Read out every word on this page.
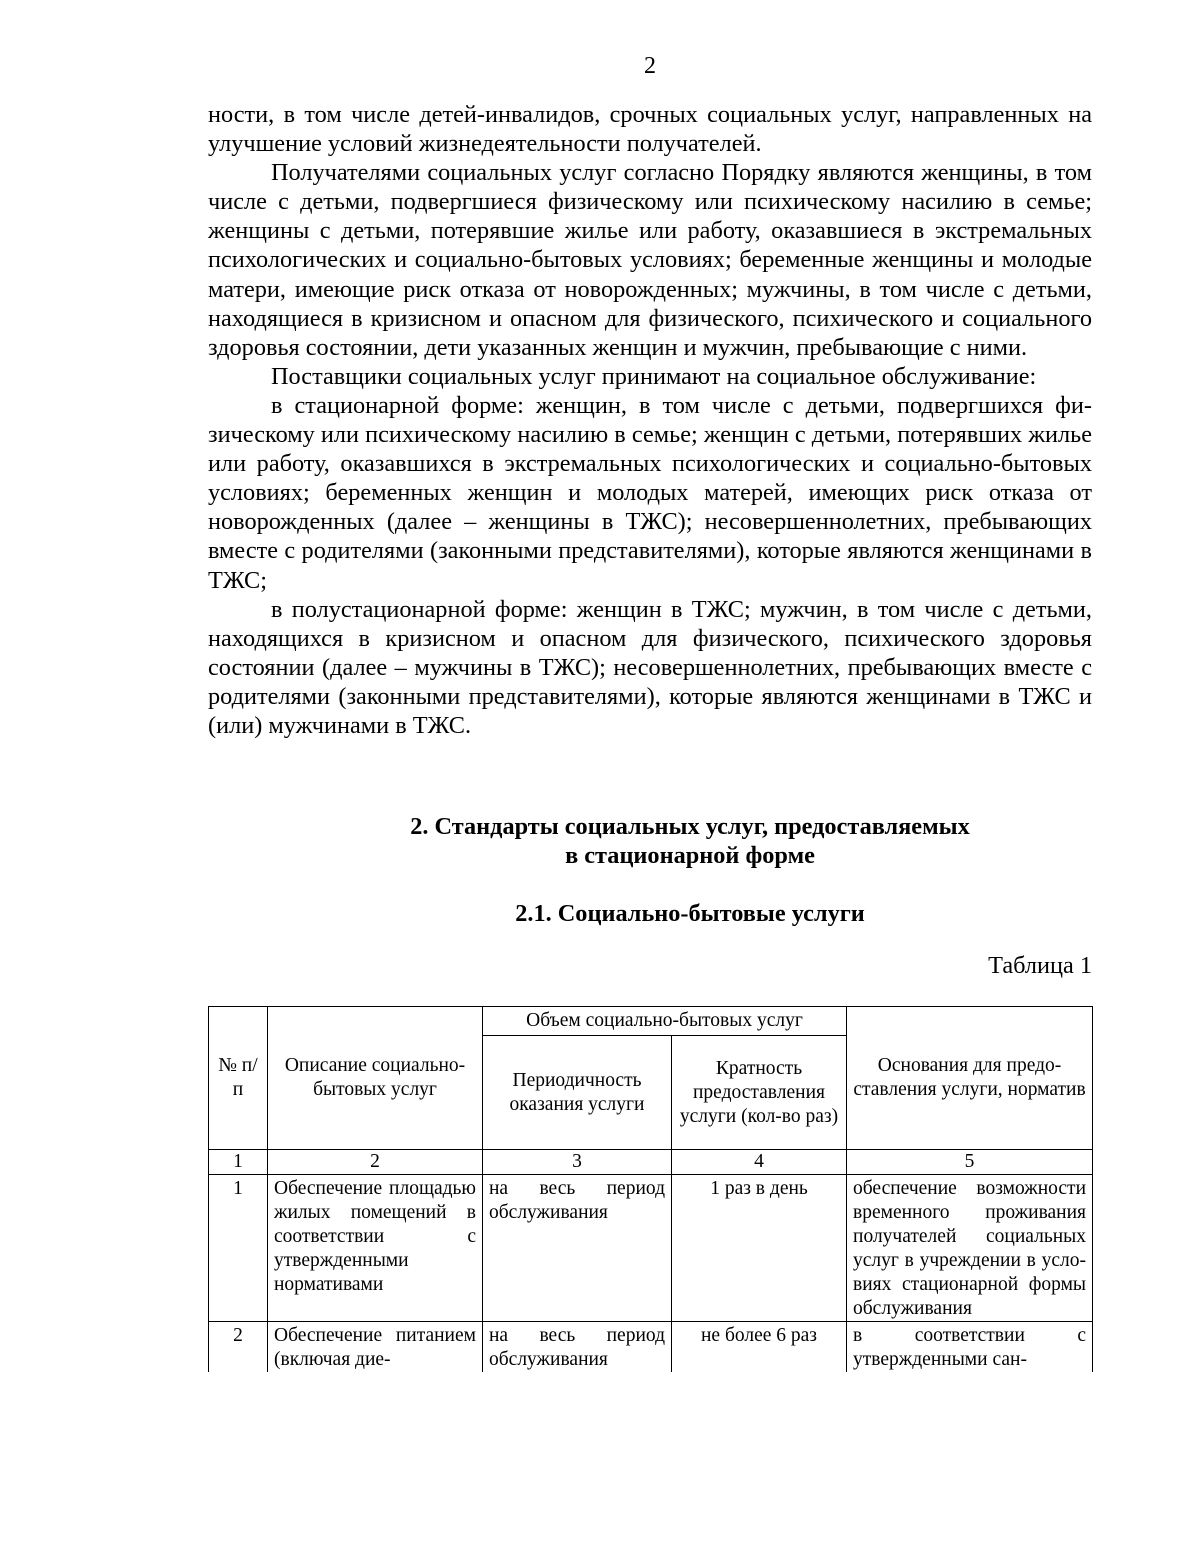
2

ности, в том числе детей-инвалидов, срочных социальных услуг, направленных на улучшение условий жизнедеятельности получателей.

Получателями социальных услуг согласно Порядку являются женщины, в том числе с детьми, подвергшиеся физическому или психическому насилию в семье; женщины с детьми, потерявшие жилье или работу, оказавшиеся в экстремальных психологических и социально-бытовых условиях; беременные женщины и молодые матери, имеющие риск отказа от новорожденных; мужчины, в том числе с детьми, находящиеся в кризисном и опасном для физического, психического и социального здоровья состоянии, дети указанных женщин и мужчин, пребывающие с ними.

Поставщики социальных услуг принимают на социальное обслуживание:

в стационарной форме: женщин, в том числе с детьми, подвергшихся физическому или психическому насилию в семье; женщин с детьми, потерявших жилье или работу, оказавшихся в экстремальных психологических и социально-бытовых условиях; беременных женщин и молодых матерей, имеющих риск отказа от новорожденных (далее – женщины в ТЖС); несовершеннолетних, пребывающих вместе с родителями (законными представителями), которые являются женщинами в ТЖС;

в полустационарной форме: женщин в ТЖС; мужчин, в том числе с детьми, находящихся в кризисном и опасном для физического, психического здоровья состоянии (далее – мужчины в ТЖС); несовершеннолетних, пребывающих вместе с родителями (законными представителями), которые являются женщинами в ТЖС и (или) мужчинами в ТЖС.

2. Стандарты социальных услуг, предоставляемых
в стационарной форме
2.1. Социально-бытовые услуги
Таблица 1
№ п/п	Описание социально-бытовых услуг	Объем социально-бытовых услуг		Основания для предоставления услуги, норматив
		Периодичность оказания услуги	Кратность предоставления услуги (кол-во раз)	
1	2	3	4	5
1	Обеспечение площадью жилых помещений в соответствии с утвержденными нормативами	на весь период обслуживания	1 раз в день	обеспечение возможности временного проживания получателей социальных услуг в учреждении в условиях стационарной формы обслуживания
2	Обеспечение питанием (включая дие-	на весь период обслуживания	не более 6 раз	в соответствии с утвержденными сан-
